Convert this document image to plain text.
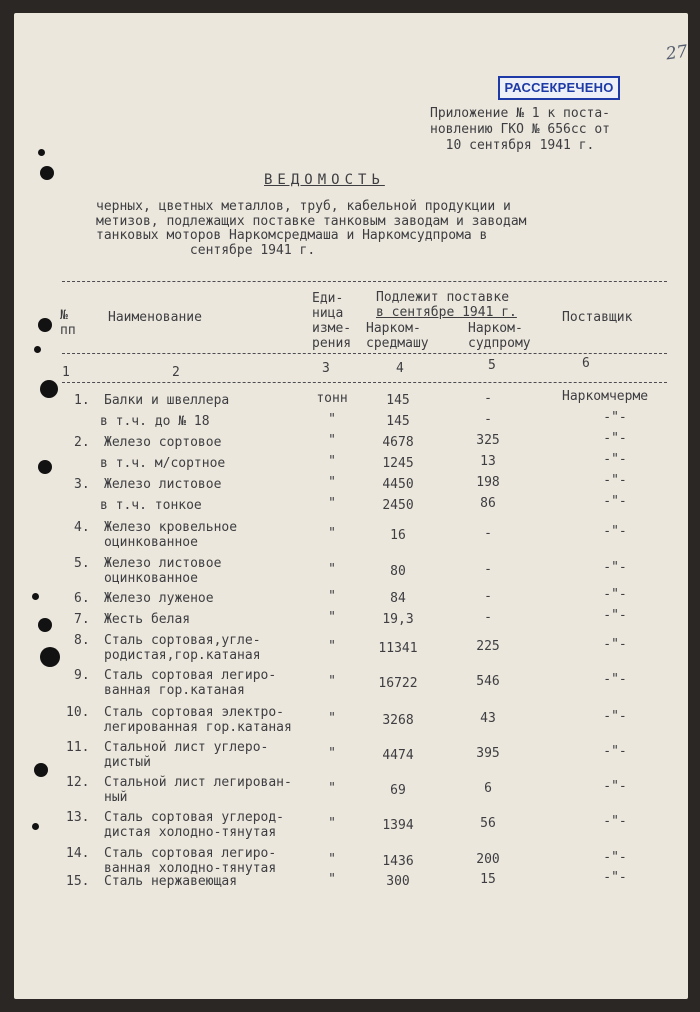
27
РАССЕКРЕЧЕНО
Приложение № 1 к поста-
новлению ГКО № 656сс от
10 сентября 1941 г.
ВЕДОМОСТЬ
черных, цветных металлов, труб, кабельной продукции и
метизов, подлежащих поставке танковым заводам и заводам
танковых моторов Наркомсредмаша и Наркомсудпрома в
сентябре 1941 г.
№
пп
Наименование
Еди-
ница
изме-
рения
Подлежит поставке
в сентябре 1941 г.
Нарком-
средмашу
Нарком-
судпрому
Поставщик
1	2	3	4	5	6
1. Балки и швеллера	тонн	145	-	Наркомчерме
в т.ч. до № 18	"	145	-	-"-
2. Железо сортовое	"	4678	325	-"-
в т.ч. м/сортное	"	1245	13	-"-
3. Железо листовое	"	4450	198	-"-
в т.ч. тонкое	"	2450	86	-"-
4. Железо кровельное
оцинкованное
"	16	-	-"-
5. Железо листовое
оцинкованное
"	80	-	-"-
6. Железо луженое	"	84	-	-"-
7. Жесть белая	"	19,3	-	-"-
8. Сталь сортовая,угле-
родистая,гор.катаная
"	11341	225	-"-
9. Сталь сортовая легиро-
ванная гор.катаная
"	16722	546	-"-
10. Сталь сортовая электро-
легированная гор.катаная
"	3268	43	-"-
11. Стальной лист углеро-
дистый
"	4474	395	-"-
12. Стальной лист легирован-
ный
"	69	6	-"-
13. Сталь сортовая углерод-
дистая холодно-тянутая
"	1394	56	-"-
14. Сталь сортовая легиро-
ванная холодно-тянутая
"	1436	200	-"-
15. Сталь нержавеющая	"	300	15	-"-
